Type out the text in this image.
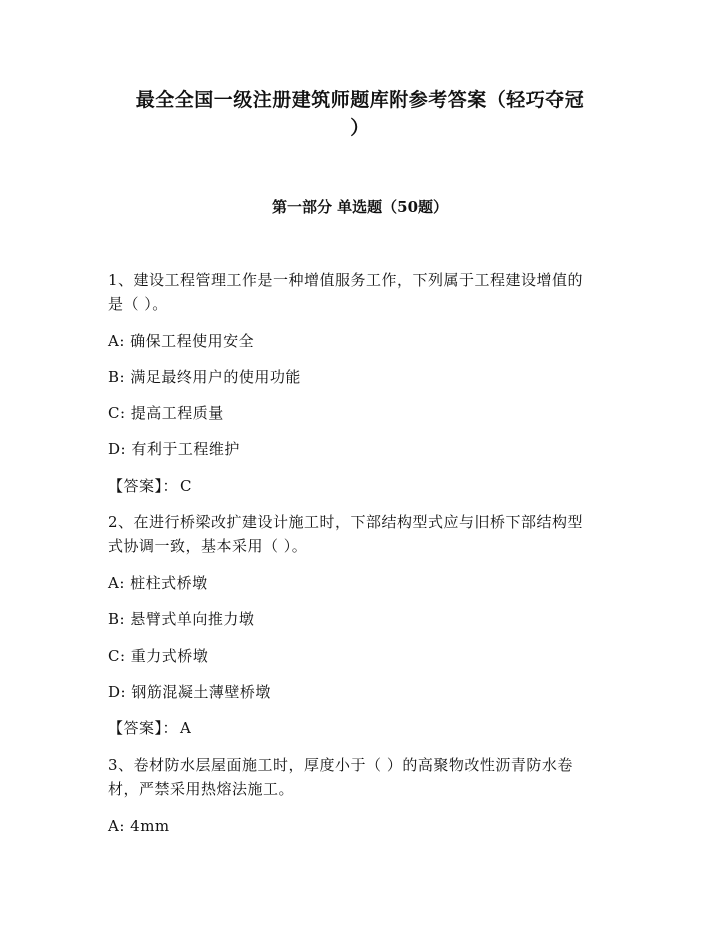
最全全国一级注册建筑师题库附参考答案（轻巧夺冠
）
第一部分 单选题（50题）
1、建设工程管理工作是一种增值服务工作，下列属于工程建设增值的
是（ ）。
A: 确保工程使用安全
B: 满足最终用户的使用功能
C: 提高工程质量
D: 有利于工程维护
【答案】： C
2、在进行桥梁改扩建设计施工时，下部结构型式应与旧桥下部结构型
式协调一致，基本采用（ ）。
A: 桩柱式桥墩
B: 悬臂式单向推力墩
C: 重力式桥墩
D: 钢筋混凝土薄壁桥墩
【答案】： A
3、卷材防水层屋面施工时，厚度小于（ ）的高聚物改性沥青防水卷
材，严禁采用热熔法施工。
A: 4mm
